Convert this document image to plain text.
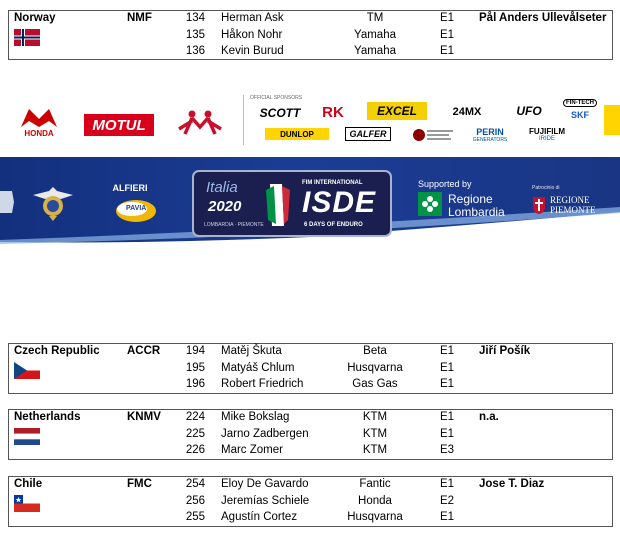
Norway	NMF	134 Herman Ask	TM	E1 Pål Anders Ullevålseter
135 Håkon Nohr	Yamaha	E1
136 Kevin Burud	Yamaha	E1
HONDA	MOTUL
OFFICIAL SPONSORS
SCOTT RK	EXCEL	24MX	UFO
FIN-TECH
SKF
DUNLOP	GALFER	PERIN
GENERATORS
FUJIFILM
IRIDE
ALFIERI
PAVIA
Italia
2020
LOMBARDIA · PIEMONTE
FIM INTERNATIONAL
ISDE
6 DAYS OF ENDURO
Supported by
Regione
Lombardia
Patrocinio di
REGIONE
PIEMONTE
Czech Republic ACCR	194 Matěj Škuta	Beta	E1 Jiří Pošík
195 Matyáš Chlum	Husqvarna	E1
196 Robert Friedrich	Gas Gas	E1
Netherlands	KNMV	224 Mike Bokslag	KTM	E1 n.a.
225 Jarno Zadbergen	KTM	E1
226 Marc Zomer	KTM	E3
Chile	FMC	254 Eloy De Gavardo	Fantic	E1 Jose T. Diaz
256 Jeremías Schiele	Honda	E2
255 Agustín Cortez	Husqvarna	E1
